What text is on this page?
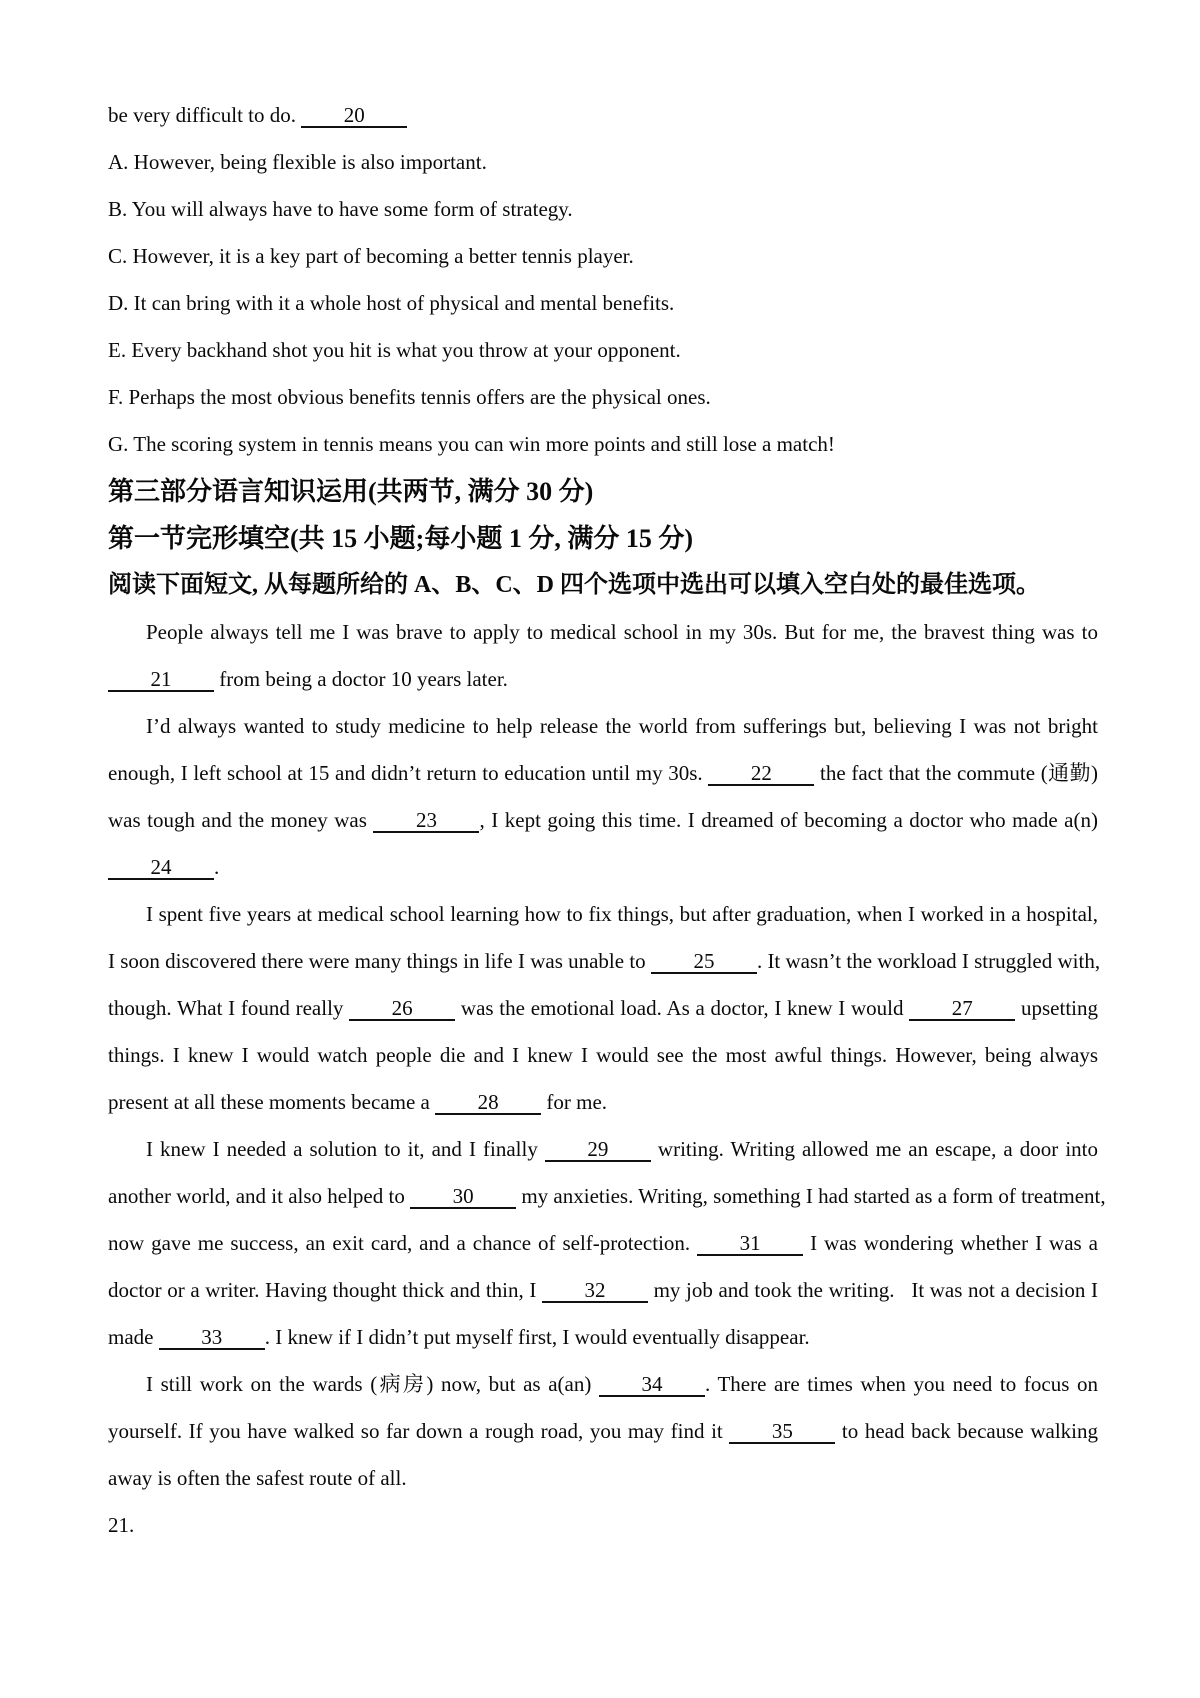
be very difficult to do. 20
A. However, being flexible is also important.
B. You will always have to have some form of strategy.
C. However, it is a key part of becoming a better tennis player.
D. It can bring with it a whole host of physical and mental benefits.
E. Every backhand shot you hit is what you throw at your opponent.
F. Perhaps the most obvious benefits tennis offers are the physical ones.
G. The scoring system in tennis means you can win more points and still lose a match!
第三部分语言知识运用(共两节, 满分 30 分)
第一节完形填空(共 15 小题;每小题 1 分, 满分 15 分)
阅读下面短文, 从每题所给的 A、B、C、D 四个选项中选出可以填入空白处的最佳选项。
People always tell me I was brave to apply to medical school in my 30s. But for me, the bravest thing was to
21 from being a doctor 10 years later.
I’d always wanted to study medicine to help release the world from sufferings but, believing I was not bright
enough, I left school at 15 and didn’t return to education until my 30s. 22 the fact that the commute (通勤)
was tough and the money was 23 , I kept going this time. I dreamed of becoming a doctor who made a(n)
24 .
I spent five years at medical school learning how to fix things, but after graduation, when I worked in a hospital,
I soon discovered there were many things in life I was unable to 25 . It wasn’t the workload I struggled with,
though. What I found really 26 was the emotional load. As a doctor, I knew I would 27 upsetting
things. I knew I would watch people die and I knew I would see the most awful things. However, being always
present at all these moments became a 28 for me.
I knew I needed a solution to it, and I finally 29 writing. Writing allowed me an escape, a door into
another world, and it also helped to 30 my anxieties. Writing, something I had started as a form of treatment,
now gave me success, an exit card, and a chance of self-protection. 31 I was wondering whether I was a
doctor or a writer. Having thought thick and thin, I 32 my job and took the writing.   It was not a decision I
made 33 . I knew if I didn’t put myself first, I would eventually disappear.
I still work on the wards (病房) now, but as a(an) 34 . There are times when you need to focus on
yourself. If you have walked so far down a rough road, you may find it 35 to head back because walking
away is often the safest route of all.
21.
